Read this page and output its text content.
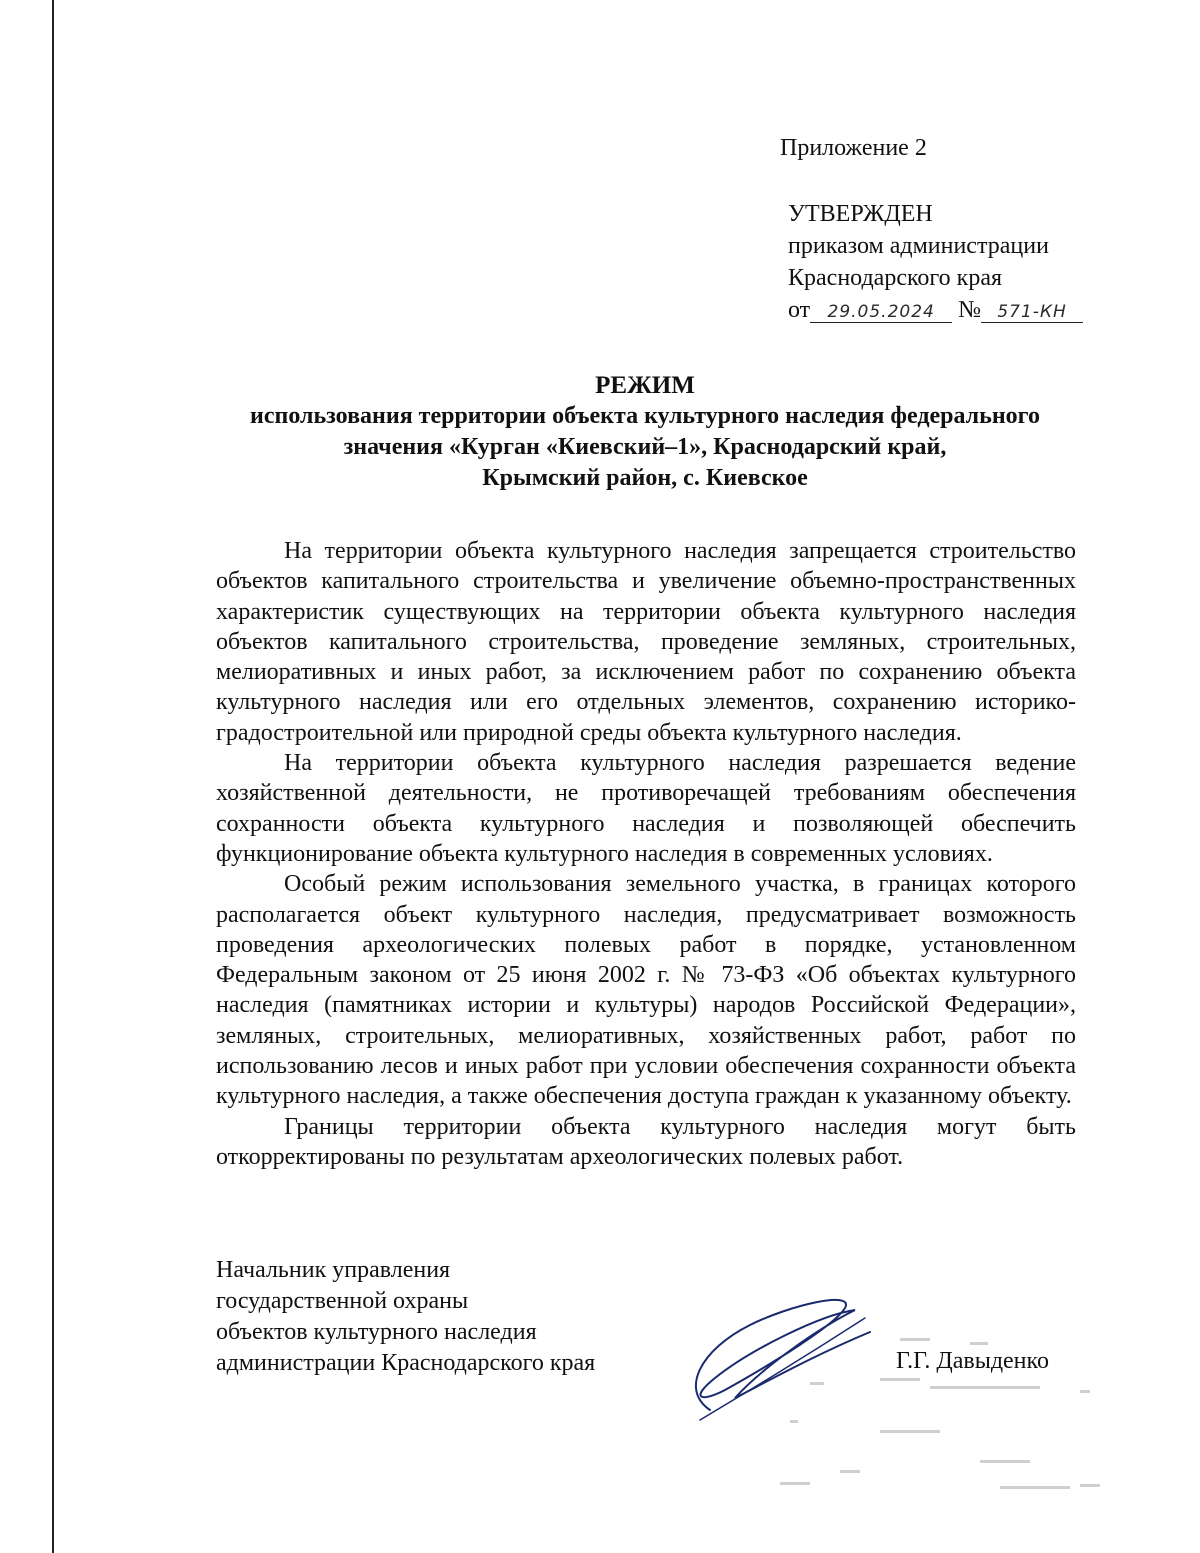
Приложение 2
УТВЕРЖДЕН
приказом администрации
Краснодарского края
от 29.05.2024 № 571-КН
РЕЖИМ
использования территории объекта культурного наследия федерального
значения «Курган «Киевский–1», Краснодарский край,
Крымский район, с. Киевское

На территории объекта культурного наследия запрещается строительство объектов капитального строительства и увеличение объемно-пространственных характеристик существующих на территории объекта культурного наследия объектов капитального строительства, проведение земляных, строительных, мелиоративных и иных работ, за исключением работ по сохранению объекта культурного наследия или его отдельных элементов, сохранению историко-градостроительной или природной среды объекта культурного наследия.

На территории объекта культурного наследия разрешается ведение хозяйственной деятельности, не противоречащей требованиям обеспечения сохранности объекта культурного наследия и позволяющей обеспечить функционирование объекта культурного наследия в современных условиях.

Особый режим использования земельного участка, в границах которого располагается объект культурного наследия, предусматривает возможность проведения археологических полевых работ в порядке, установленном Федеральным законом от 25 июня 2002 г. № 73-ФЗ «Об объектах культурного наследия (памятниках истории и культуры) народов Российской Федерации», земляных, строительных, мелиоративных, хозяйственных работ, работ по использованию лесов и иных работ при условии обеспечения сохранности объекта культурного наследия, а также обеспечения доступа граждан к указанному объекту.

Границы территории объекта культурного наследия могут быть откорректированы по результатам археологических полевых работ.

Начальник управления
государственной охраны
объектов культурного наследия
администрации Краснодарского края	Г.Г. Давыденко
